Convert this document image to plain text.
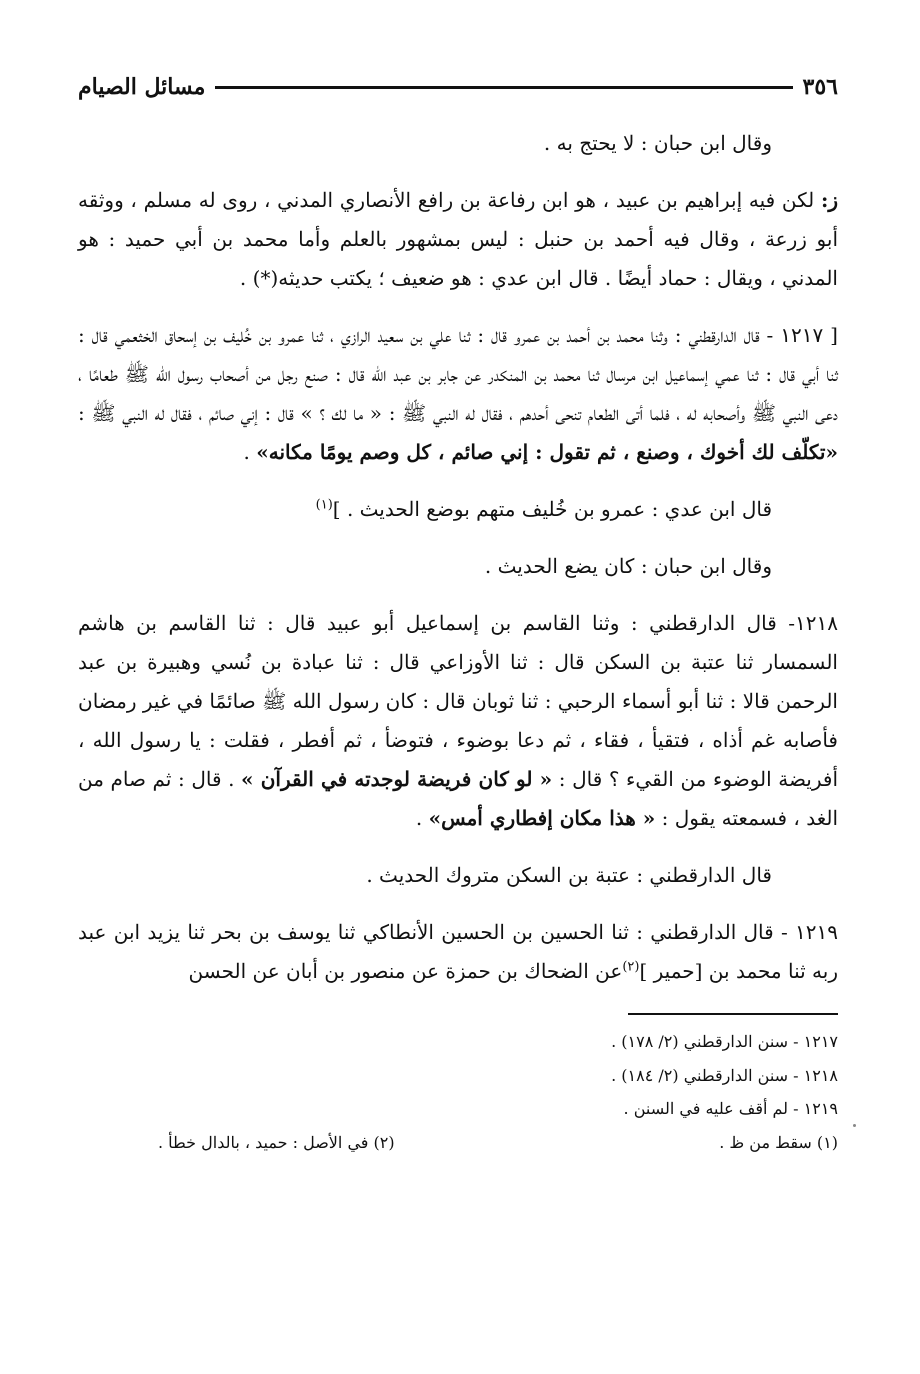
٣٥٦
مسائل الصيام

وقال ابن حبان : لا يحتج به .

ز: لكن فيه إبراهيم بن عبيد ، هو ابن رفاعة بن رافع الأنصاري المدني ، روى له مسلم ، ووثقه أبو زرعة ، وقال فيه أحمد بن حنبل : ليس بمشهور بالعلم وأما محمد بن أبي حميد : هو المدني ، ويقال : حماد أيضًا . قال ابن عدي : هو ضعيف ؛ يكتب حديثه(*) .

[ ١٢١٧ - قال الدارقطني : وثنا محمد بن أحمد بن عمرو قال : ثنا علي بن سعيد الرازي ، ثنا عمرو بن خُليف بن إسحاق الخثعمي قال : ثنا أبي قال : ثنا عمي إسماعيل ابن مرسال ثنا محمد بن المنكدر عن جابر بن عبد الله قال : صنع رجل من أصحاب رسول الله ﷺ طعامًا ، دعى النبي ﷺ وأصحابه له ، فلما أتى الطعام تنحى أحدهم ، فقال له النبي ﷺ : « ما لك ؟ » قال : إني صائم ، فقال له النبي ﷺ : «تكلّف لك أخوك ، وصنع ، ثم تقول : إني صائم ، كل وصم يومًا مكانه» .

قال ابن عدي : عمرو بن خُليف متهم بوضع الحديث . ]$^{(١)}$

وقال ابن حبان : كان يضع الحديث .

١٢١٨- قال الدارقطني : وثنا القاسم بن إسماعيل أبو عبيد قال : ثنا القاسم بن هاشم السمسار ثنا عتبة بن السكن قال : ثنا الأوزاعي قال : ثنا عبادة بن نُسي وهبيرة بن عبد الرحمن قالا : ثنا أبو أسماء الرحبي : ثنا ثوبان قال : كان رسول الله ﷺ صائمًا في غير رمضان فأصابه غم أذاه ، فتقيأ ، فقاء ، ثم دعا بوضوء ، فتوضأ ، ثم أفطر ، فقلت : يا رسول الله ، أفريضة الوضوء من القيء ؟ قال : « لو كان فريضة لوجدته في القرآن » . قال : ثم صام من الغد ، فسمعته يقول : « هذا مكان إفطاري أمس» .

قال الدارقطني : عتبة بن السكن متروك الحديث .

١٢١٩ - قال الدارقطني : ثنا الحسين بن الحسين الأنطاكي ثنا يوسف بن بحر ثنا يزيد ابن عبد ربه ثنا محمد بن [حمير ]$^{(٢)}$عن الضحاك بن حمزة عن منصور بن أبان عن الحسن

١٢١٧ - سنن الدارقطني (٢/ ١٧٨) .
١٢١٨ - سنن الدارقطني (٢/ ١٨٤) .
١٢١٩ - لم أقف عليه في السنن .
(١) سقط من ظ .
(٢) في الأصل : حميد ، بالدال خطأ .
